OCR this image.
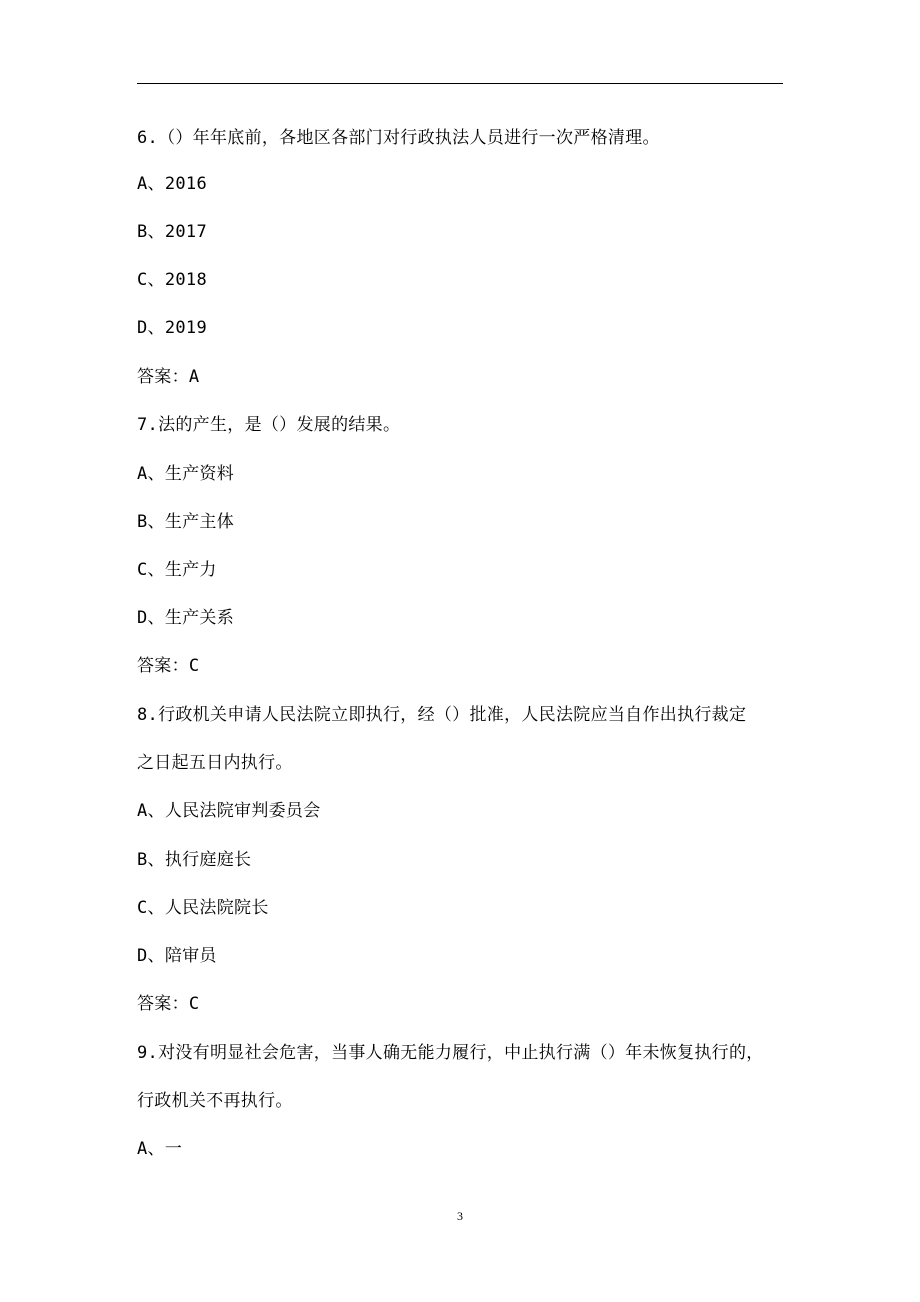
6.（）年年底前，各地区各部门对行政执法人员进行一次严格清理。
A、2016
B、2017
C、2018
D、2019
答案：A
7.法的产生，是（）发展的结果。
A、生产资料
B、生产主体
C、生产力
D、生产关系
答案：C
8.行政机关申请人民法院立即执行，经（）批准，人民法院应当自作出执行裁定
之日起五日内执行。
A、人民法院审判委员会
B、执行庭庭长
C、人民法院院长
D、陪审员
答案：C
9.对没有明显社会危害，当事人确无能力履行，中止执行满（）年未恢复执行的，
行政机关不再执行。
A、一
3
